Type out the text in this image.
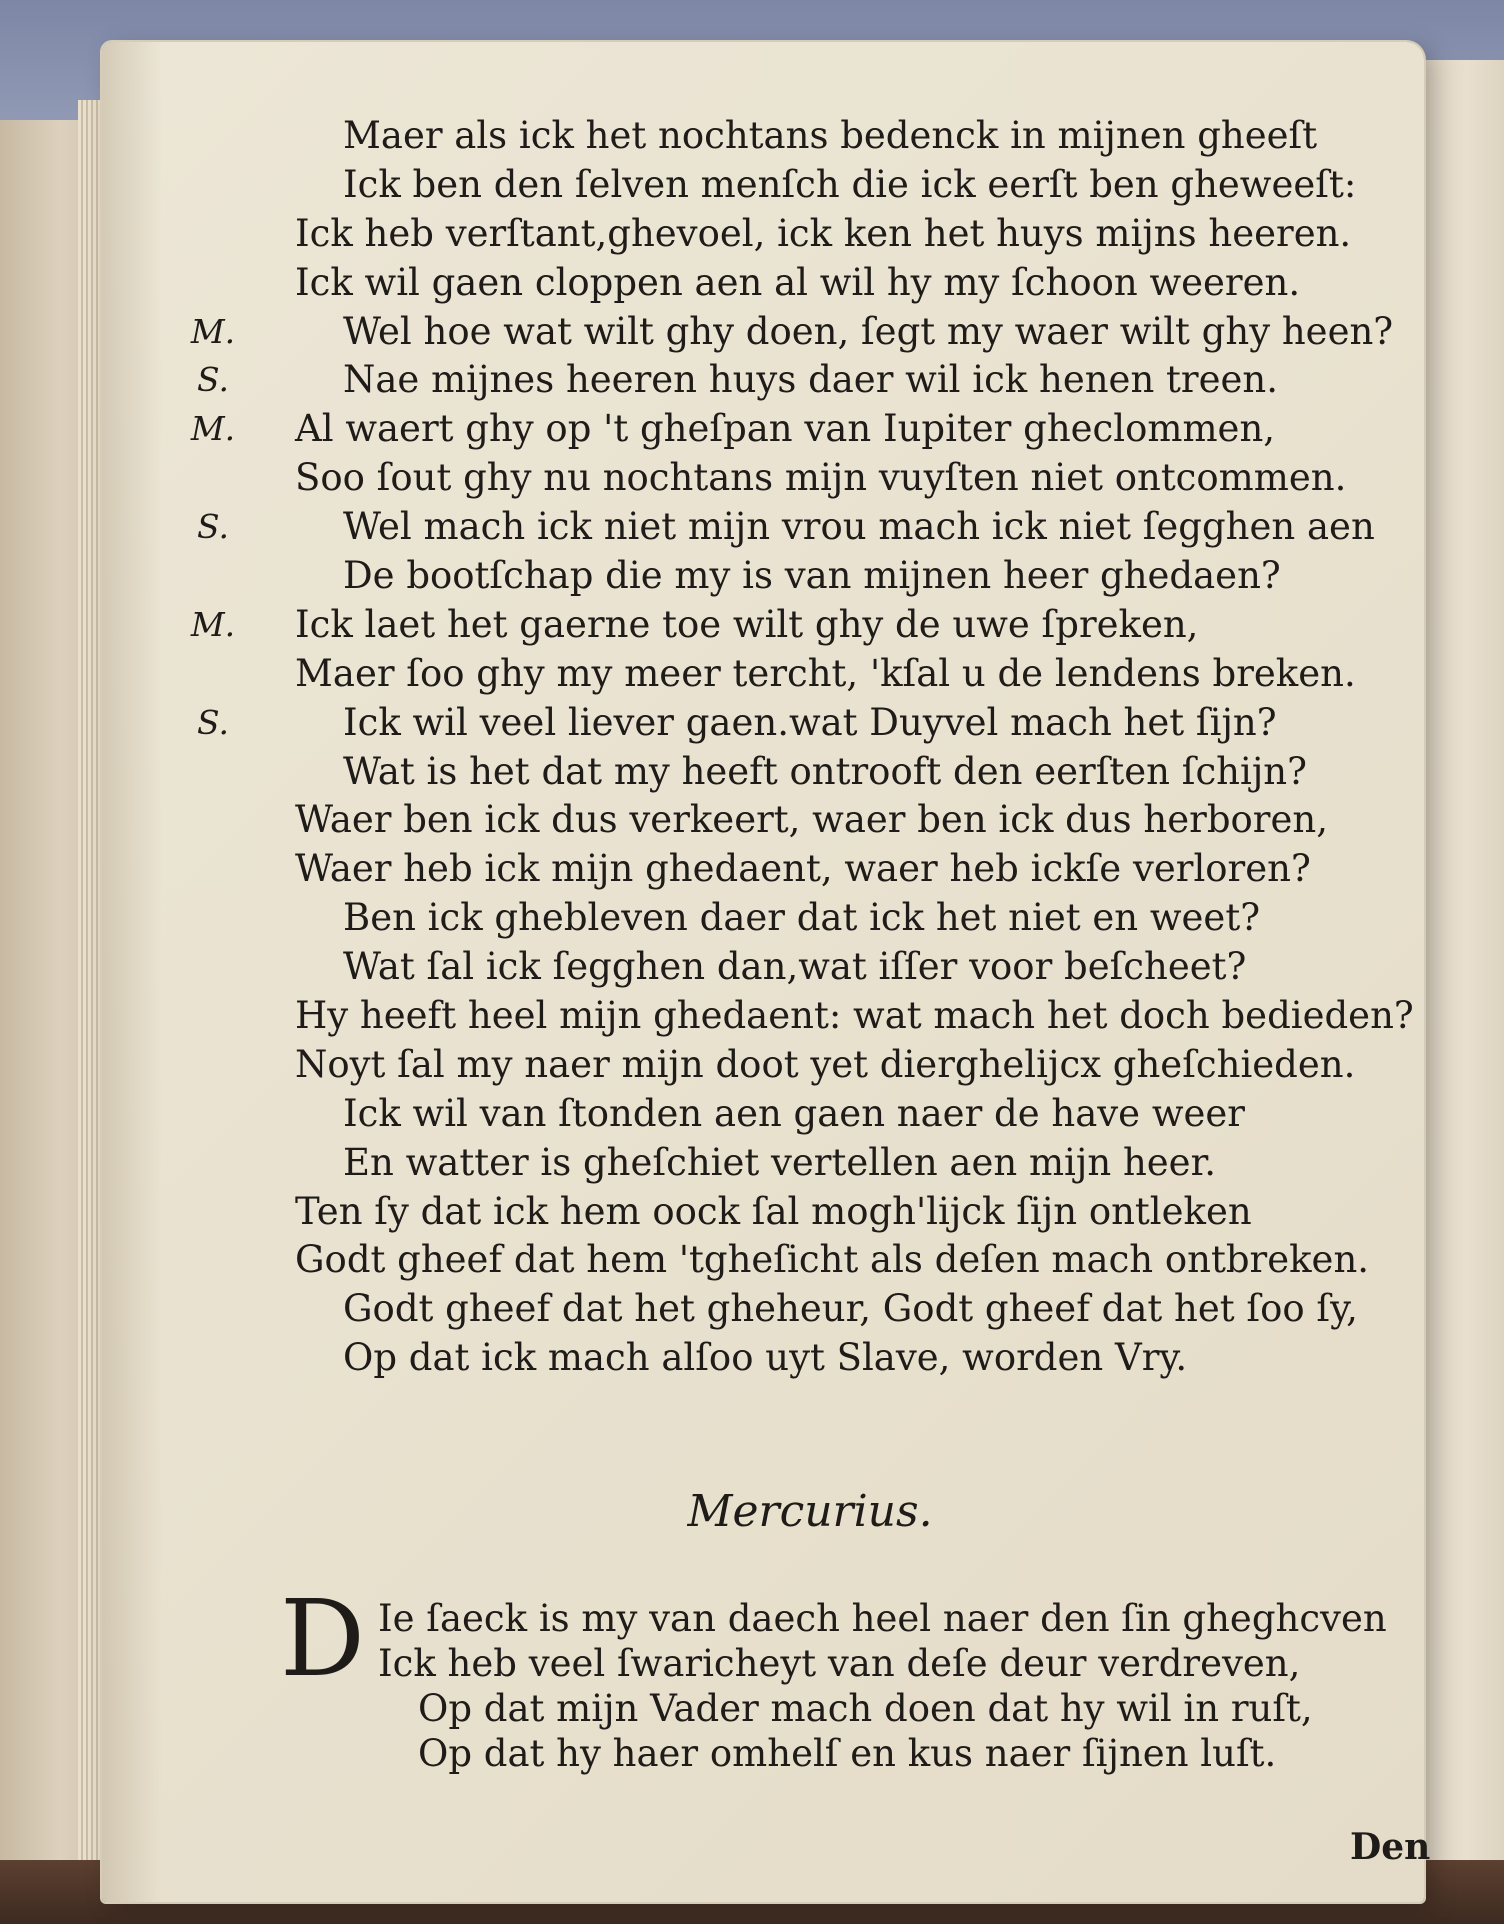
Maer als ick het nochtans bedenck in mijnen gheeſt
Ick ben den ſelven menſch die ick eerſt ben gheweeſt:
Ick heb verſtant,ghevoel, ick ken het huys mijns heeren.
Ick wil gaen cloppen aen al wil hy my ſchoon weeren.
M.	Wel hoe wat wilt ghy doen, ſegt my waer wilt ghy heen?
S.	Nae mijnes heeren huys daer wil ick henen treen.
M.	Al waert ghy op 't gheſpan van Iupiter gheclommen,
Soo ſout ghy nu nochtans mijn vuyſten niet ontcommen.
S.	Wel mach ick niet mijn vrou mach ick niet ſegghen aen
De bootſchap die my is van mijnen heer ghedaen?
M.	Ick laet het gaerne toe wilt ghy de uwe ſpreken,
Maer ſoo ghy my meer tercht, 'kſal u de lendens breken.
S.	Ick wil veel liever gaen.wat Duyvel mach het ſijn?
Wat is het dat my heeft ontrooft den eerſten ſchijn?
Waer ben ick dus verkeert, waer ben ick dus herboren,
Waer heb ick mijn ghedaent, waer heb ickſe verloren?
Ben ick ghebleven daer dat ick het niet en weet?
Wat ſal ick ſegghen dan,wat iſſer voor beſcheet?
Hy heeft heel mijn ghedaent: wat mach het doch bedieden?
Noyt ſal my naer mijn doot yet dierghelijcx gheſchieden.
Ick wil van ſtonden aen gaen naer de have weer
En watter is gheſchiet vertellen aen mijn heer.
Ten ſy dat ick hem oock ſal mogh'lijck ſijn ontleken
Godt gheef dat hem 'tgheſicht als deſen mach ontbreken.
Godt gheef dat het gheheur, Godt gheef dat het ſoo ſy,
Op dat ick mach alſoo uyt Slave, worden Vry.
Mercurius.
D Ie ſaeck is my van daech heel naer den ſin gheghcven
Ick heb veel ſwaricheyt van deſe deur verdreven,
Op dat mijn Vader mach doen dat hy wil in ruſt,
Op dat hy haer omhelſ en kus naer ſijnen luſt.
Den
